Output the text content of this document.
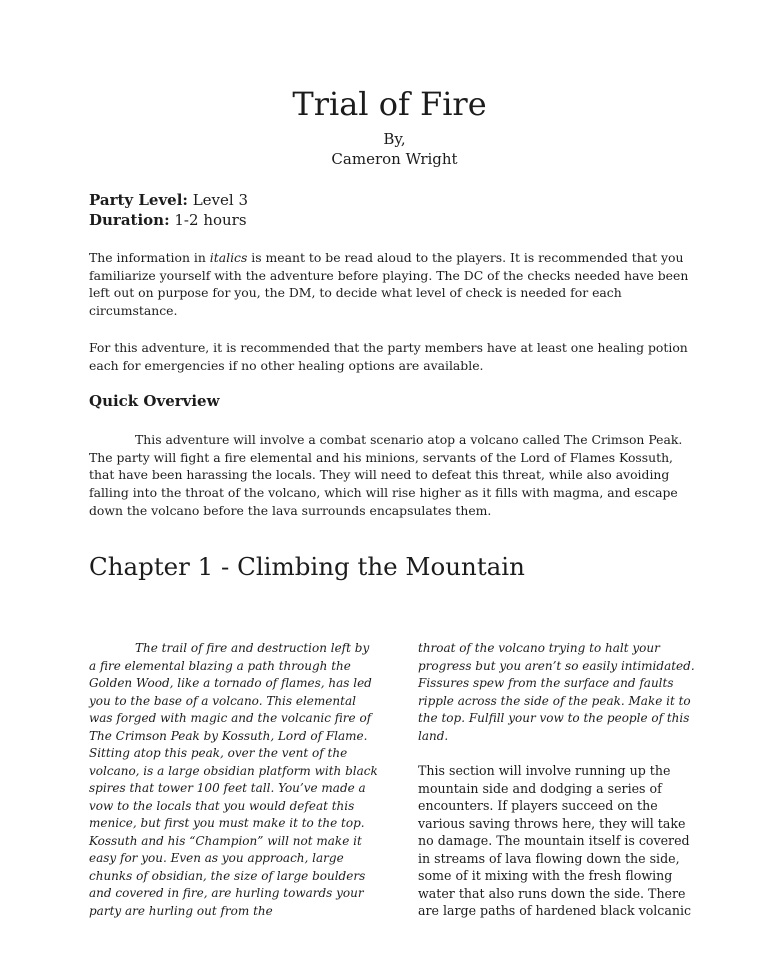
Trial of Fire
By,
Cameron Wright
Party Level: Level 3
Duration: 1-2 hours

The information in italics is meant to be read aloud to the players. It is recommended that you familiarize yourself with the adventure before playing. The DC of the checks needed have been left out on purpose for you, the DM, to decide what level of check is needed for each circumstance.

For this adventure, it is recommended that the party members have at least one healing potion each for emergencies if no other healing options are available.

Quick Overview

This adventure will involve a combat scenario atop a volcano called The Crimson Peak. The party will fight a fire elemental and his minions, servants of the Lord of Flames Kossuth, that have been harassing the locals. They will need to defeat this threat, while also avoiding falling into the throat of the volcano, which will rise higher as it fills with magma, and escape down the volcano before the lava surrounds encapsulates them.

Chapter 1 - Climbing the Mountain

The trail of fire and destruction left by a fire elemental blazing a path through the Golden Wood, like a tornado of flames, has led you to the base of a volcano. This elemental was forged with magic and the volcanic fire of The Crimson Peak by Kossuth, Lord of Flame. Sitting atop this peak, over the vent of the volcano, is a large obsidian platform with black spires that tower 100 feet tall. You’ve made a vow to the locals that you would defeat this menice, but first you must make it to the top. Kossuth and his “Champion” will not make it easy for you. Even as you approach, large chunks of obsidian, the size of large boulders and covered in fire, are hurling towards your party are hurling out from the

throat of the volcano trying to halt your progress but you aren’t so easily intimidated. Fissures spew from the surface and faults ripple across the side of the peak. Make it to the top. Fulfill your vow to the people of this land.

This section will involve running up the mountain side and dodging a series of encounters. If players succeed on the various saving throws here, they will take no damage. The mountain itself is covered in streams of lava flowing down the side, some of it mixing with the fresh flowing water that also runs down the side. There are large paths of hardened black volcanic
